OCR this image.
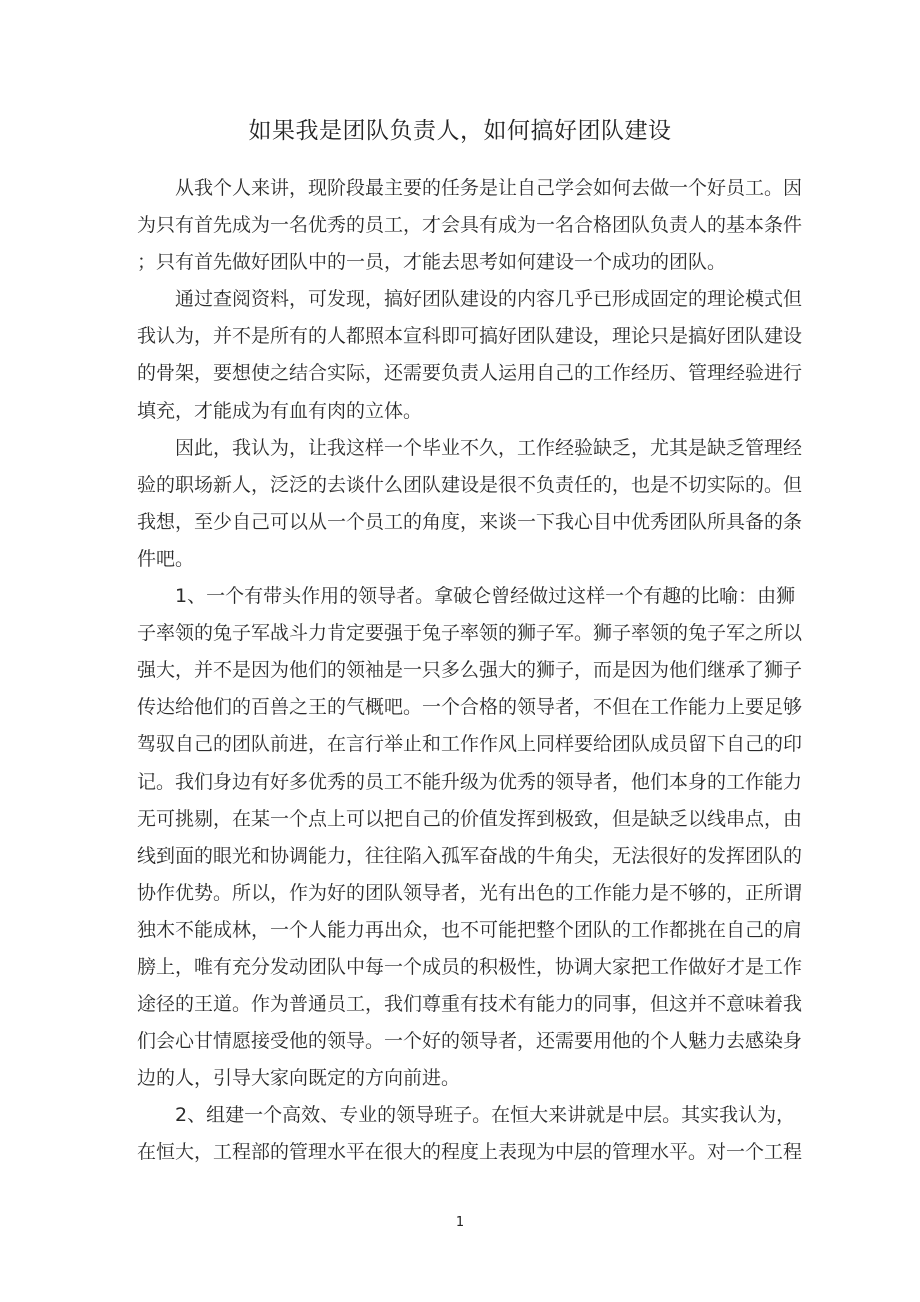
如果我是团队负责人，如何搞好团队建设
从我个人来讲，现阶段最主要的任务是让自己学会如何去做一个好员工。因
为只有首先成为一名优秀的员工，才会具有成为一名合格团队负责人的基本条件
；只有首先做好团队中的一员，才能去思考如何建设一个成功的团队。
通过查阅资料，可发现，搞好团队建设的内容几乎已形成固定的理论模式但
我认为，并不是所有的人都照本宣科即可搞好团队建设，理论只是搞好团队建设
的骨架，要想使之结合实际，还需要负责人运用自己的工作经历、管理经验进行
填充，才能成为有血有肉的立体。
因此，我认为，让我这样一个毕业不久，工作经验缺乏，尤其是缺乏管理经
验的职场新人，泛泛的去谈什么团队建设是很不负责任的，也是不切实际的。但
我想，至少自己可以从一个员工的角度，来谈一下我心目中优秀团队所具备的条
件吧。
1、一个有带头作用的领导者。拿破仑曾经做过这样一个有趣的比喻：由狮
子率领的兔子军战斗力肯定要强于兔子率领的狮子军。狮子率领的兔子军之所以
强大，并不是因为他们的领袖是一只多么强大的狮子，而是因为他们继承了狮子
传达给他们的百兽之王的气概吧。一个合格的领导者，不但在工作能力上要足够
驾驭自己的团队前进，在言行举止和工作作风上同样要给团队成员留下自己的印
记。我们身边有好多优秀的员工不能升级为优秀的领导者，他们本身的工作能力
无可挑剔，在某一个点上可以把自己的价值发挥到极致，但是缺乏以线串点，由
线到面的眼光和协调能力，往往陷入孤军奋战的牛角尖，无法很好的发挥团队的
协作优势。所以，作为好的团队领导者，光有出色的工作能力是不够的，正所谓
独木不能成林，一个人能力再出众，也不可能把整个团队的工作都挑在自己的肩
膀上，唯有充分发动团队中每一个成员的积极性，协调大家把工作做好才是工作
途径的王道。作为普通员工，我们尊重有技术有能力的同事，但这并不意味着我
们会心甘情愿接受他的领导。一个好的领导者，还需要用他的个人魅力去感染身
边的人，引导大家向既定的方向前进。
2、组建一个高效、专业的领导班子。在恒大来讲就是中层。其实我认为，
在恒大，工程部的管理水平在很大的程度上表现为中层的管理水平。对一个工程
1
